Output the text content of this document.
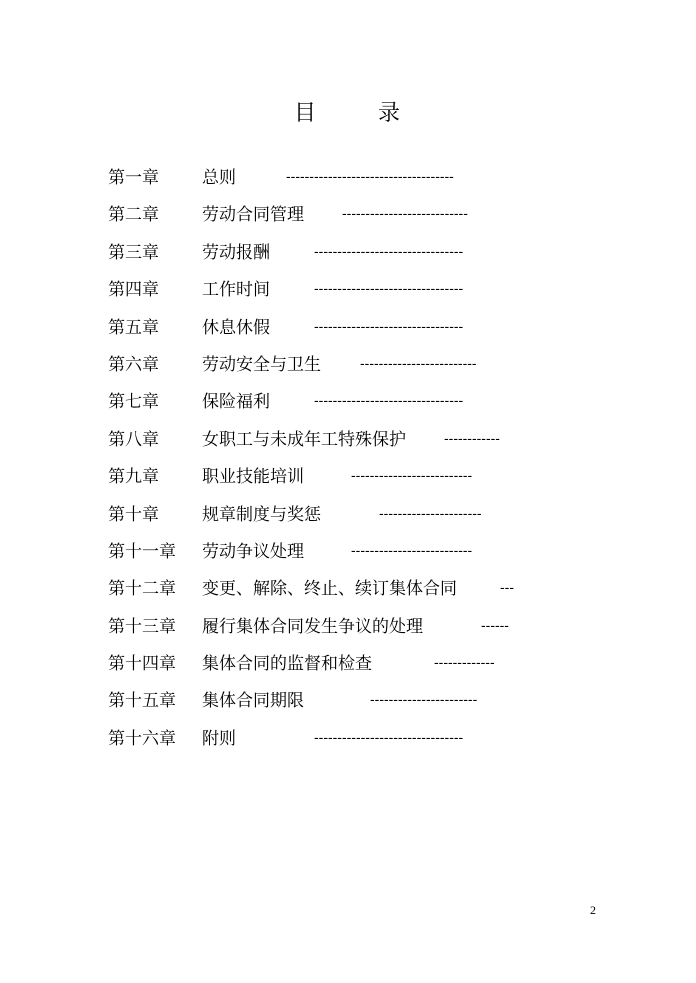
目	录
第一章	总则	------------------------------------
第二章	劳动合同管理	---------------------------
第三章	劳动报酬	--------------------------------
第四章	工作时间	--------------------------------
第五章	休息休假	--------------------------------
第六章	劳动安全与卫生	-------------------------
第七章	保险福利	--------------------------------
第八章	女职工与未成年工特殊保护	------------
第九章	职业技能培训	--------------------------
第十章	规章制度与奖惩	----------------------
第十一章 劳动争议处理	--------------------------
第十二章 变更、解除、终止、续订集体合同	---
第十三章 履行集体合同发生争议的处理	------
第十四章 集体合同的监督和检查	-------------
第十五章 集体合同期限	-----------------------
第十六章 附则	--------------------------------
2
